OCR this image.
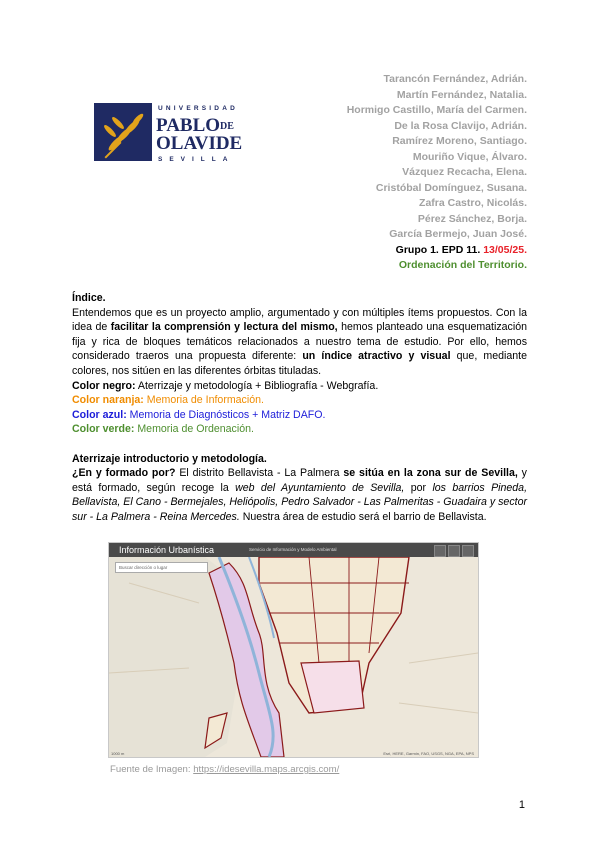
UNIVERSIDAD
PABLO DE
OLAVIDE
SEVILLA
Tarancón Fernández, Adrián.
Martín Fernández, Natalia.
Hormigo Castillo, María del Carmen.
De la Rosa Clavijo, Adrián.
Ramírez Moreno, Santiago.
Mouriño Vique, Álvaro.
Vázquez Recacha, Elena.
Cristóbal Domínguez, Susana.
Zafra Castro, Nicolás.
Pérez Sánchez, Borja.
García Bermejo, Juan José.
Grupo 1. EPD 11. 13/05/25.
Ordenación del Territorio.

Índice.

Entendemos que es un proyecto amplio, argumentado y con múltiples ítems propuestos. Con la idea de facilitar la comprensión y lectura del mismo, hemos planteado una esquematización fija y rica de bloques temáticos relacionados a nuestro tema de estudio. Por ello, hemos considerado traeros una propuesta diferente: un índice atractivo y visual que, mediante colores, nos sitúen en las diferentes órbitas tituladas.

Color negro: Aterrizaje y metodología + Bibliografía - Webgrafía.

Color naranja: Memoria de Información.

Color azul: Memoria de Diagnósticos + Matriz DAFO.

Color verde: Memoria de Ordenación.

Aterrizaje introductorio y metodología.

¿En y formado por? El distrito Bellavista - La Palmera se sitúa en la zona sur de Sevilla, y está formado, según recoge la web del Ayuntamiento de Sevilla, por los barrios Pineda, Bellavista, El Cano - Bermejales, Heliópolis, Pedro Salvador - Las Palmeritas - Guadaira y sector sur - La Palmera - Reina Mercedes. Nuestra área de estudio será el barrio de Bellavista.

Información Urbanística	Servicio de Información y Modelo Ambiental
Buscar dirección o lugar
1000 m	Esri, HERE, Garmin, FAO, USGS, NGA, EPA, NPS
Fuente de Imagen: https://idesevilla.maps.arcgis.com/
1
